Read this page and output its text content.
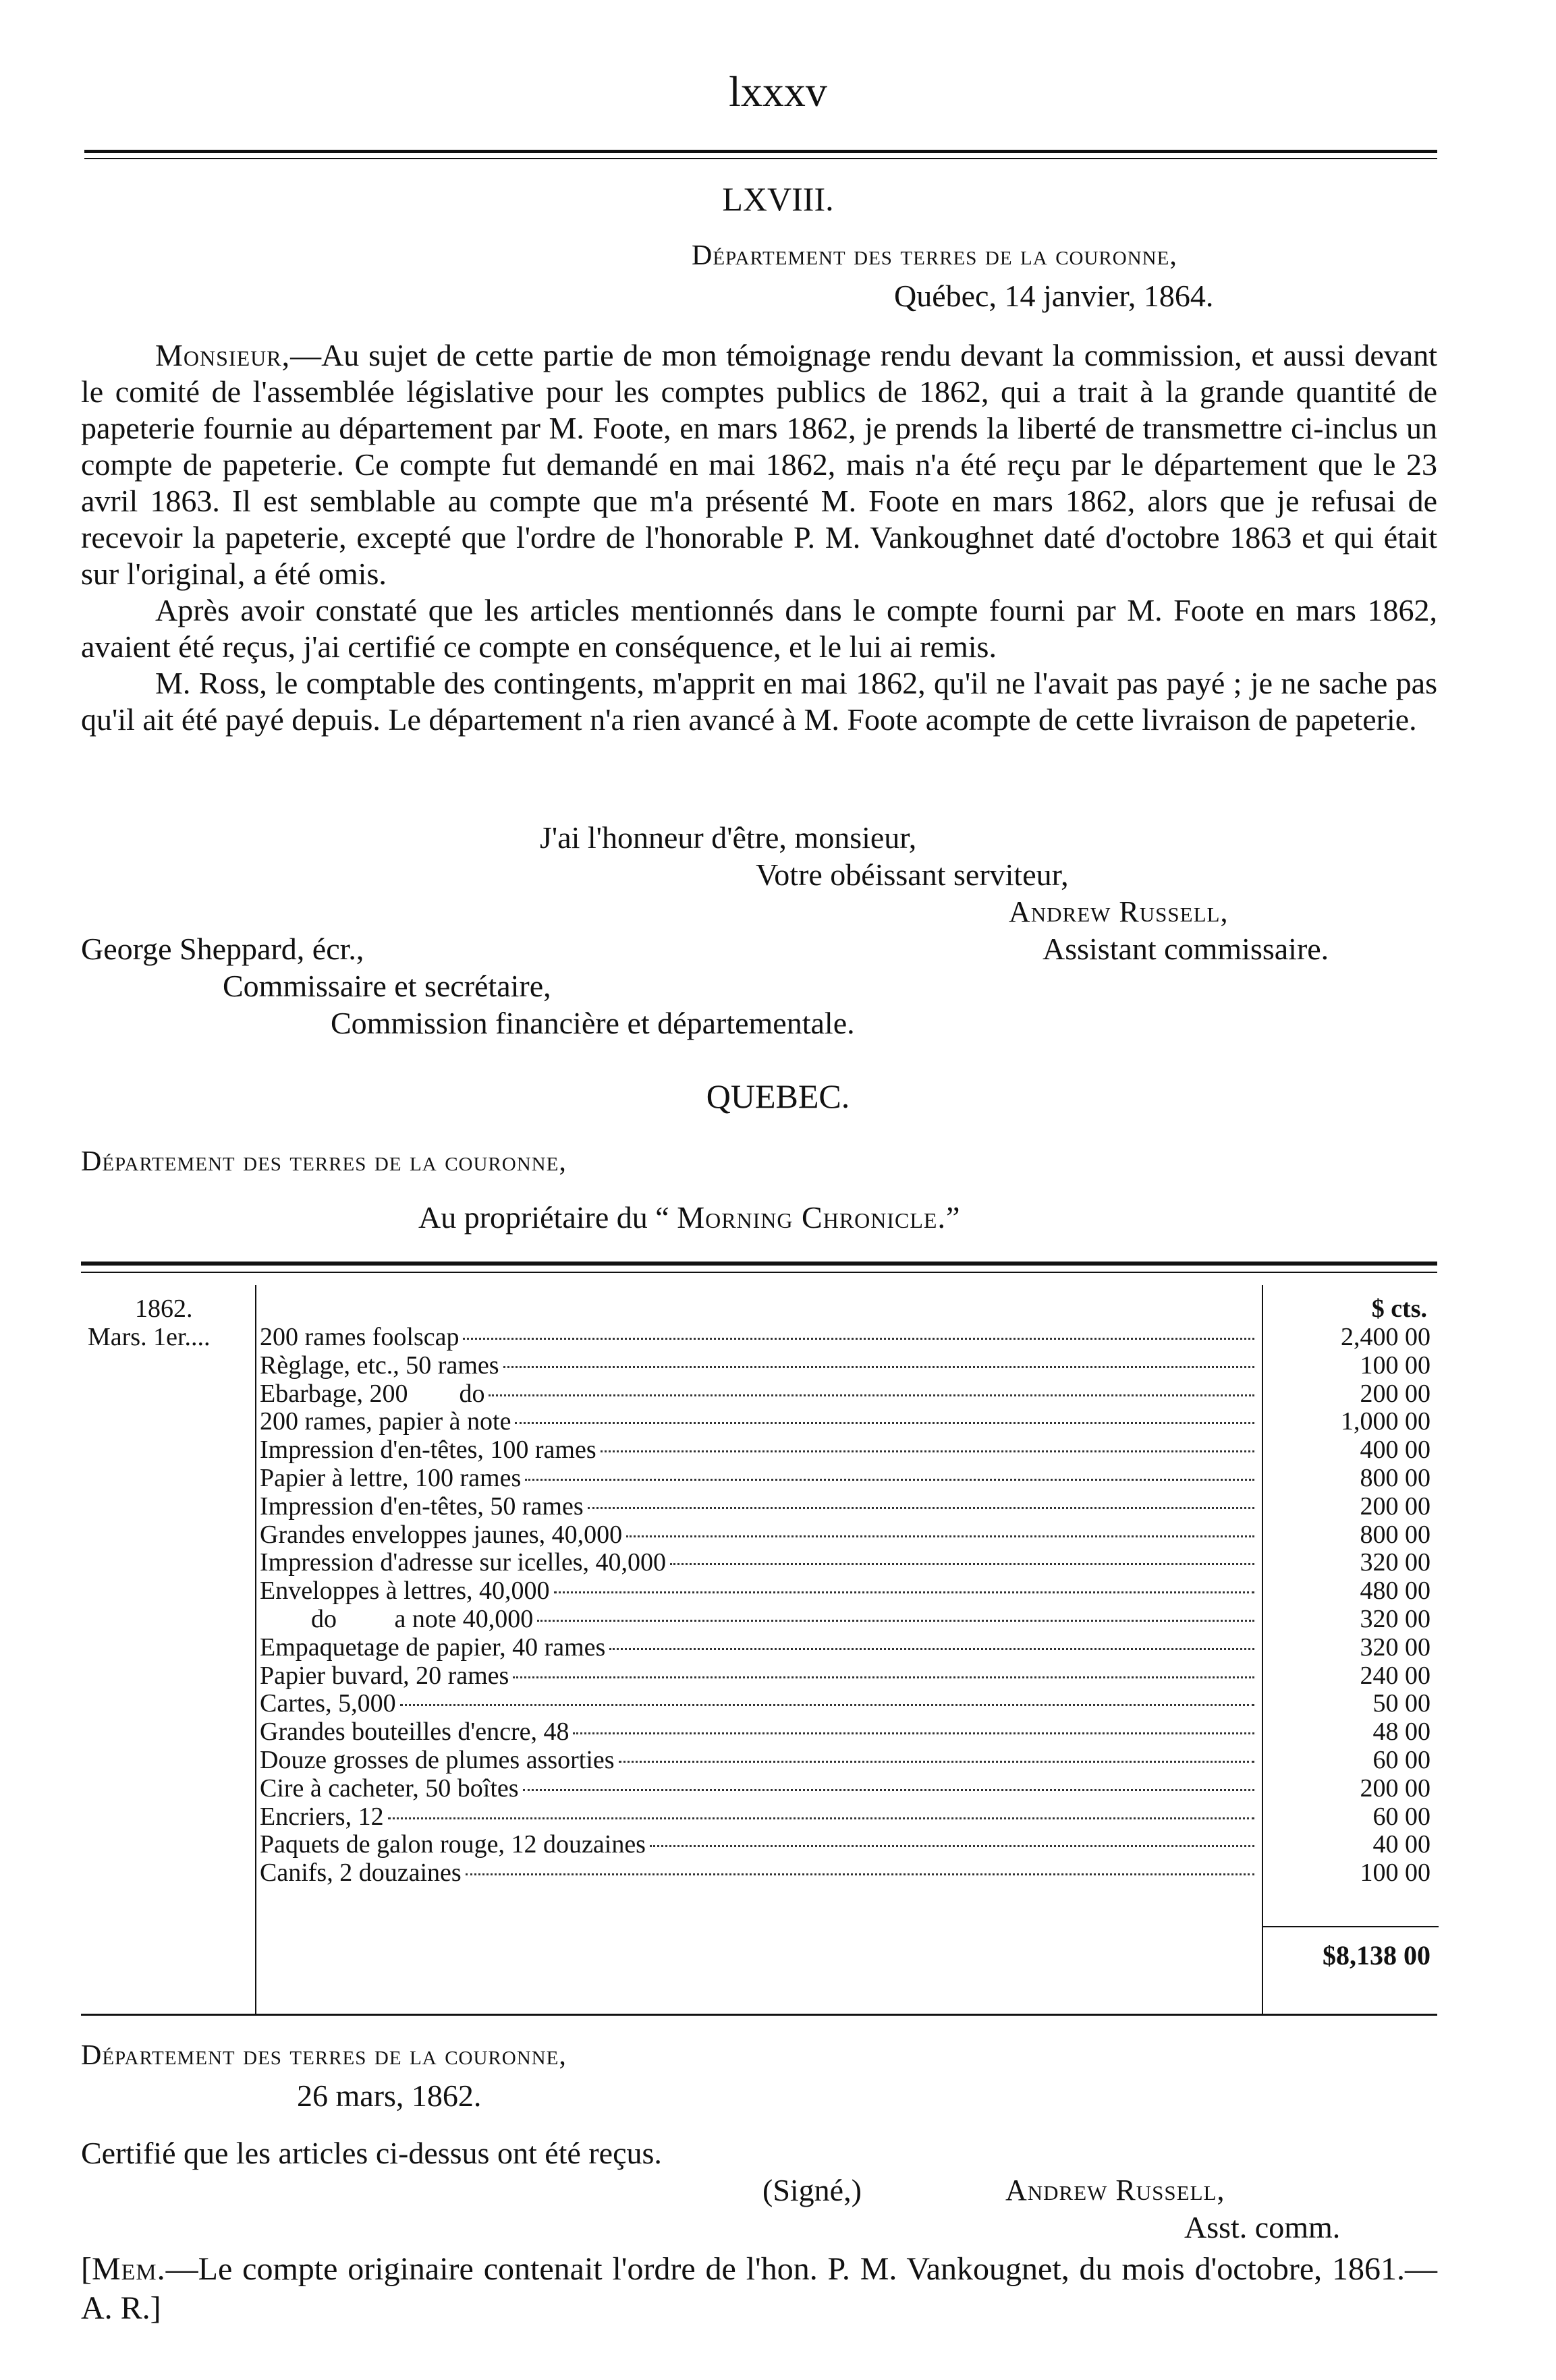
lxxxv
LXVIII.
Département des terres de la couronne,
Québec, 14 janvier, 1864.

Monsieur,—Au sujet de cette partie de mon témoignage rendu devant la commission, et aussi devant le comité de l'assemblée législative pour les comptes publics de 1862, qui a trait à la grande quantité de papeterie fournie au département par M. Foote, en mars 1862, je prends la liberté de transmettre ci-inclus un compte de papeterie. Ce compte fut demandé en mai 1862, mais n'a été reçu par le département que le 23 avril 1863. Il est semblable au compte que m'a présenté M. Foote en mars 1862, alors que je refusai de recevoir la papeterie, excepté que l'ordre de l'honorable P. M. Vankoughnet daté d'octobre 1863 et qui était sur l'original, a été omis.

Après avoir constaté que les articles mentionnés dans le compte fourni par M. Foote en mars 1862, avaient été reçus, j'ai certifié ce compte en conséquence, et le lui ai remis.

M. Ross, le comptable des contingents, m'apprit en mai 1862, qu'il ne l'avait pas payé ; je ne sache pas qu'il ait été payé depuis. Le département n'a rien avancé à M. Foote acompte de cette livraison de papeterie.

J'ai l'honneur d'être, monsieur,
Votre obéissant serviteur,
Andrew Russell,
George Sheppard, écr.,	Assistant commissaire.
Commissaire et secrétaire,
Commission financière et départementale.
QUEBEC.
Département des terres de la couronne,
Au propriétaire du “ Morning Chronicle.”
1862.
Mars. 1er....
$ cts.
200 rames foolscap	2,400 00
Règlage, etc., 50 rames	100 00
Ebarbage, 200        do	200 00
200 rames, papier à note	1,000 00
Impression d'en-têtes, 100 rames	400 00
Papier à lettre, 100 rames	800 00
Impression d'en-têtes, 50 rames	200 00
Grandes enveloppes jaunes, 40,000	800 00
Impression d'adresse sur icelles, 40,000	320 00
Enveloppes à lettres, 40,000	480 00
do         a note 40,000	320 00
Empaquetage de papier, 40 rames	320 00
Papier buvard, 20 rames	240 00
Cartes, 5,000	50 00
Grandes bouteilles d'encre, 48	48 00
Douze grosses de plumes assorties	60 00
Cire à cacheter, 50 boîtes	200 00
Encriers, 12	60 00
Paquets de galon rouge, 12 douzaines	40 00
Canifs, 2 douzaines	100 00
$8,138 00
Département des terres de la couronne,
26 mars, 1862.
Certifié que les articles ci-dessus ont été reçus.
(Signé,)	Andrew Russell,
Asst. comm.
[Mem.—Le compte originaire contenait l'ordre de l'hon. P. M. Vankougnet, du mois d'octobre, 1861.—A. R.]
